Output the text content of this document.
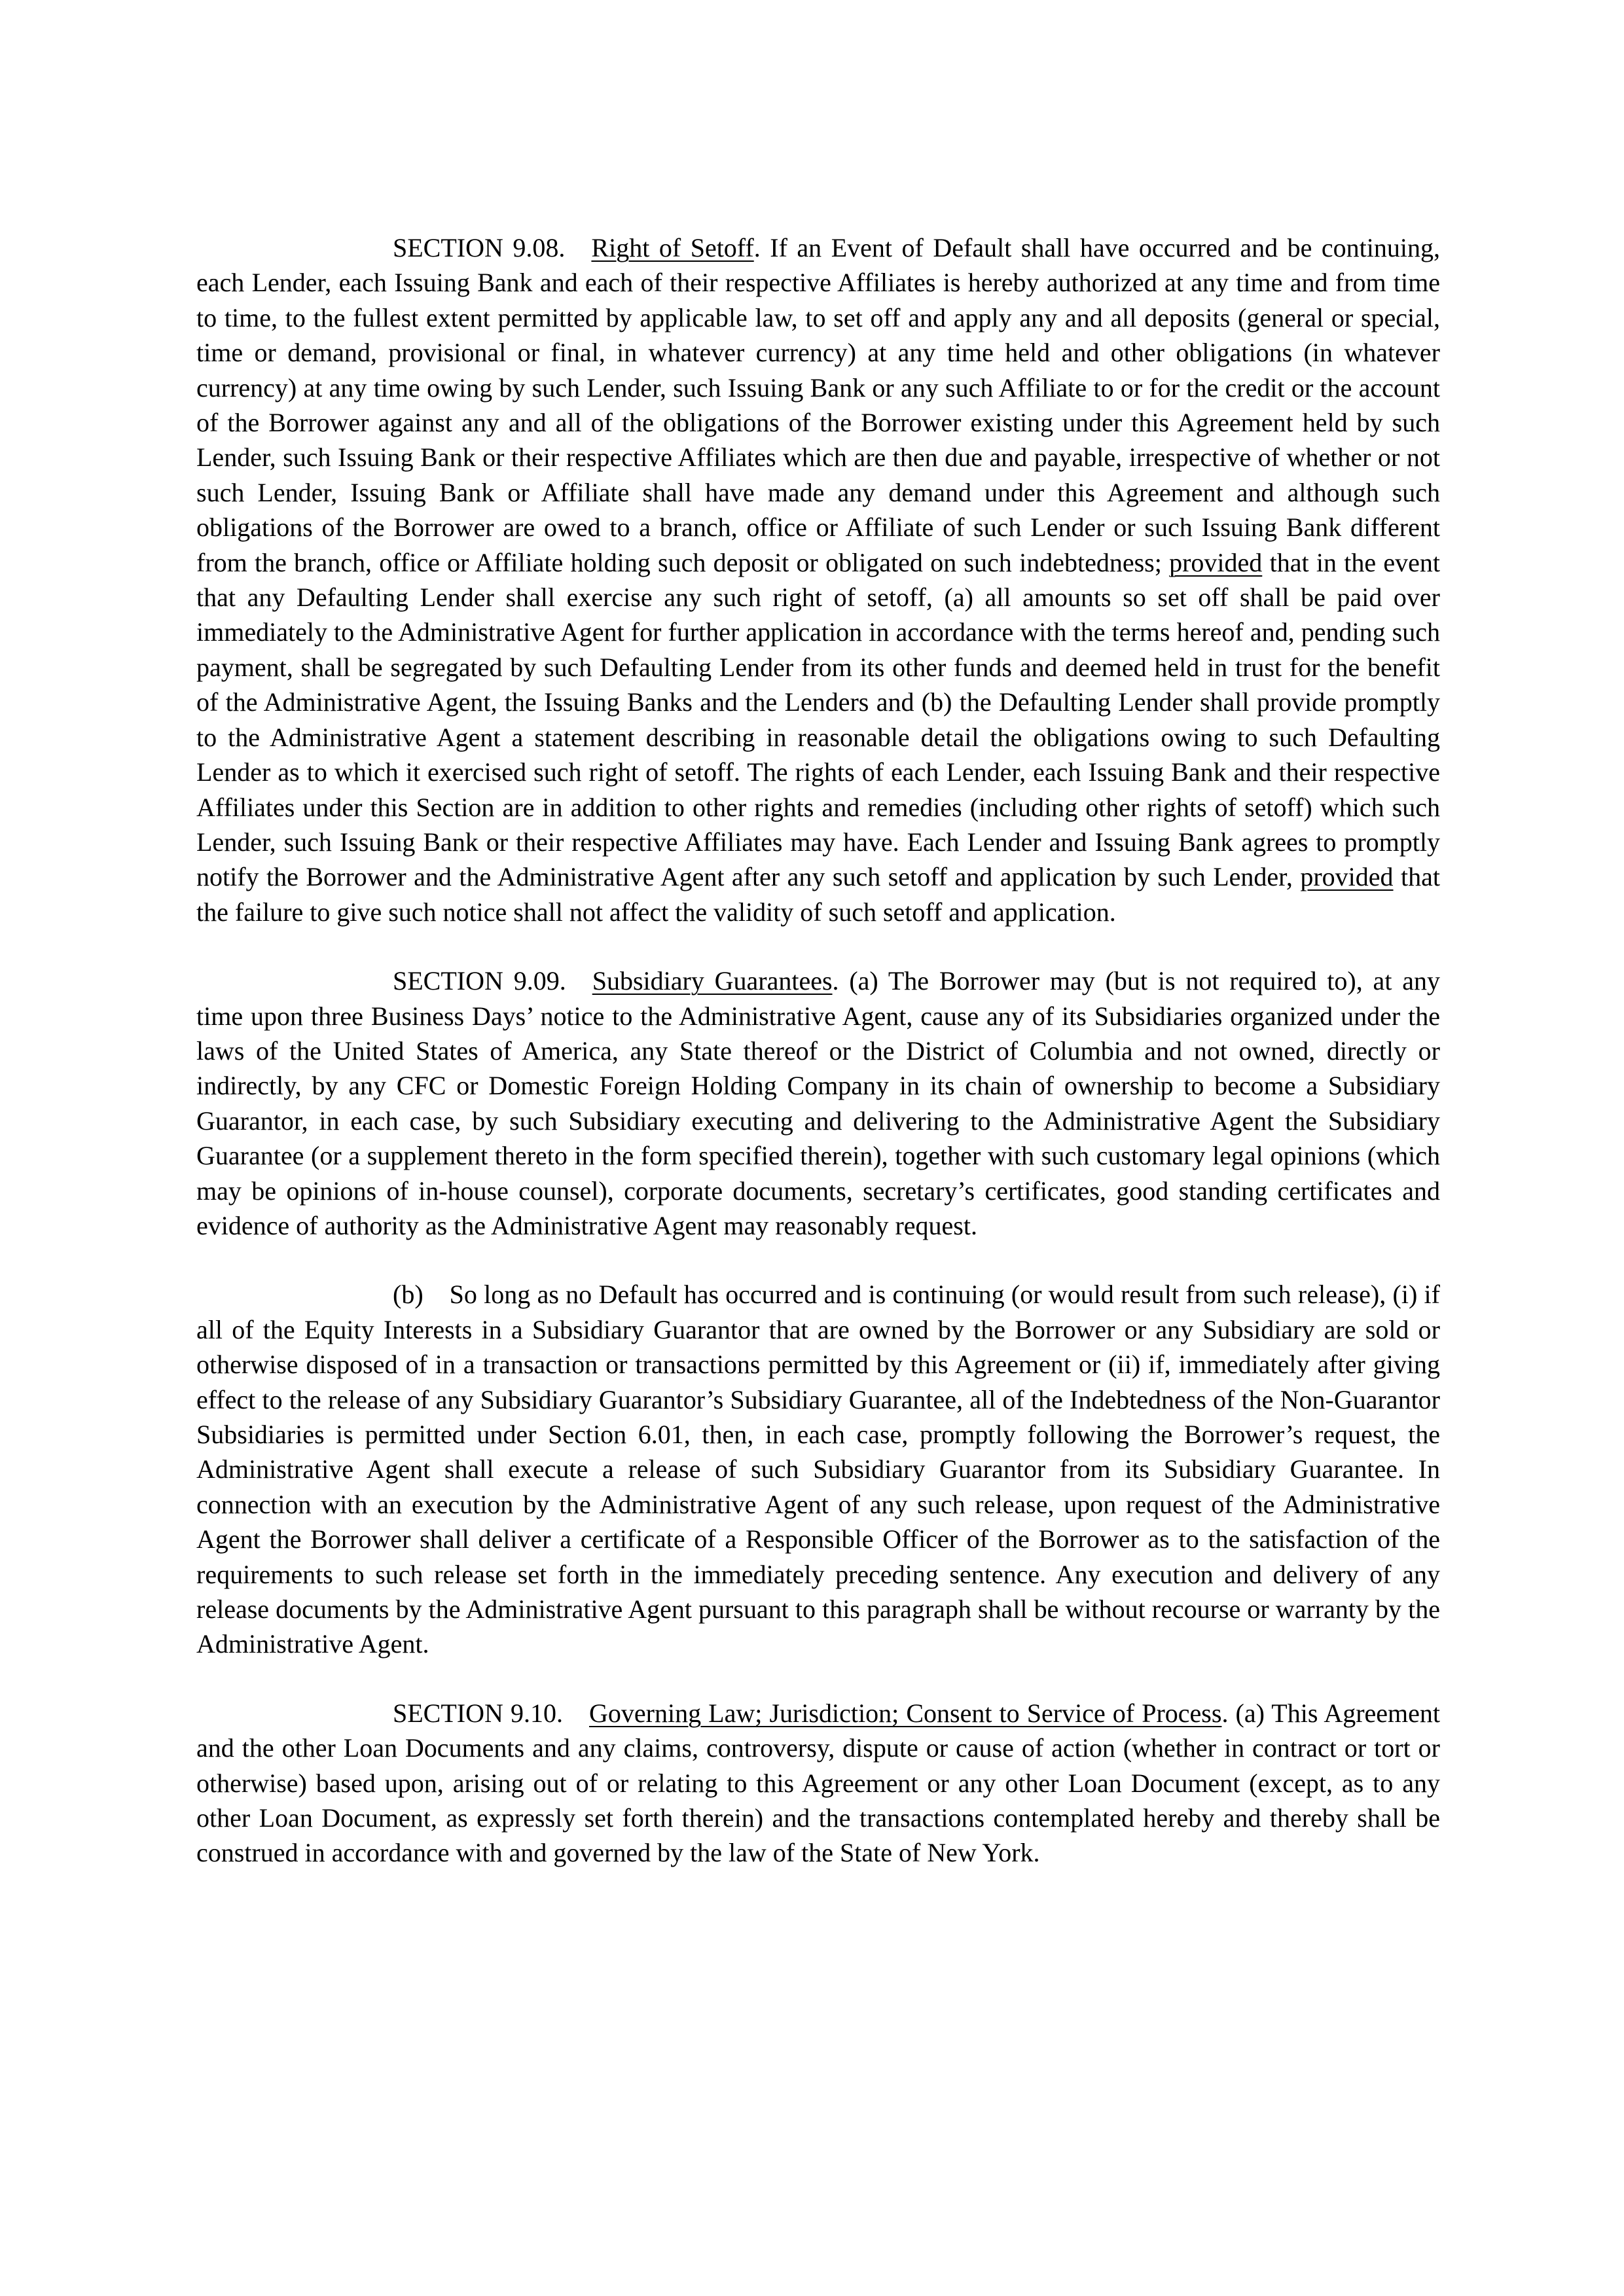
SECTION 9.08. Right of Setoff. If an Event of Default shall have occurred and be continuing, each Lender, each Issuing Bank and each of their respective Affiliates is hereby authorized at any time and from time to time, to the fullest extent permitted by applicable law, to set off and apply any and all deposits (general or special, time or demand, provisional or final, in whatever currency) at any time held and other obligations (in whatever currency) at any time owing by such Lender, such Issuing Bank or any such Affiliate to or for the credit or the account of the Borrower against any and all of the obligations of the Borrower existing under this Agreement held by such Lender, such Issuing Bank or their respective Affiliates which are then due and payable, irrespective of whether or not such Lender, Issuing Bank or Affiliate shall have made any demand under this Agreement and although such obligations of the Borrower are owed to a branch, office or Affiliate of such Lender or such Issuing Bank different from the branch, office or Affiliate holding such deposit or obligated on such indebtedness; provided that in the event that any Defaulting Lender shall exercise any such right of setoff, (a) all amounts so set off shall be paid over immediately to the Administrative Agent for further application in accordance with the terms hereof and, pending such payment, shall be segregated by such Defaulting Lender from its other funds and deemed held in trust for the benefit of the Administrative Agent, the Issuing Banks and the Lenders and (b) the Defaulting Lender shall provide promptly to the Administrative Agent a statement describing in reasonable detail the obligations owing to such Defaulting Lender as to which it exercised such right of setoff. The rights of each Lender, each Issuing Bank and their respective Affiliates under this Section are in addition to other rights and remedies (including other rights of setoff) which such Lender, such Issuing Bank or their respective Affiliates may have. Each Lender and Issuing Bank agrees to promptly notify the Borrower and the Administrative Agent after any such setoff and application by such Lender, provided that the failure to give such notice shall not affect the validity of such setoff and application.

SECTION 9.09. Subsidiary Guarantees. (a) The Borrower may (but is not required to), at any time upon three Business Days’ notice to the Administrative Agent, cause any of its Subsidiaries organized under the laws of the United States of America, any State thereof or the District of Columbia and not owned, directly or indirectly, by any CFC or Domestic Foreign Holding Company in its chain of ownership to become a Subsidiary Guarantor, in each case, by such Subsidiary executing and delivering to the Administrative Agent the Subsidiary Guarantee (or a supplement thereto in the form specified therein), together with such customary legal opinions (which may be opinions of in-house counsel), corporate documents, secretary’s certificates, good standing certificates and evidence of authority as the Administrative Agent may reasonably request.

(b) So long as no Default has occurred and is continuing (or would result from such release), (i) if all of the Equity Interests in a Subsidiary Guarantor that are owned by the Borrower or any Subsidiary are sold or otherwise disposed of in a transaction or transactions permitted by this Agreement or (ii) if, immediately after giving effect to the release of any Subsidiary Guarantor’s Subsidiary Guarantee, all of the Indebtedness of the Non-Guarantor Subsidiaries is permitted under Section 6.01, then, in each case, promptly following the Borrower’s request, the Administrative Agent shall execute a release of such Subsidiary Guarantor from its Subsidiary Guarantee. In connection with an execution by the Administrative Agent of any such release, upon request of the Administrative Agent the Borrower shall deliver a certificate of a Responsible Officer of the Borrower as to the satisfaction of the requirements to such release set forth in the immediately preceding sentence. Any execution and delivery of any release documents by the Administrative Agent pursuant to this paragraph shall be without recourse or warranty by the Administrative Agent.

SECTION 9.10. Governing Law; Jurisdiction; Consent to Service of Process. (a) This Agreement and the other Loan Documents and any claims, controversy, dispute or cause of action (whether in contract or tort or otherwise) based upon, arising out of or relating to this Agreement or any other Loan Document (except, as to any other Loan Document, as expressly set forth therein) and the transactions contemplated hereby and thereby shall be construed in accordance with and governed by the law of the State of New York.
